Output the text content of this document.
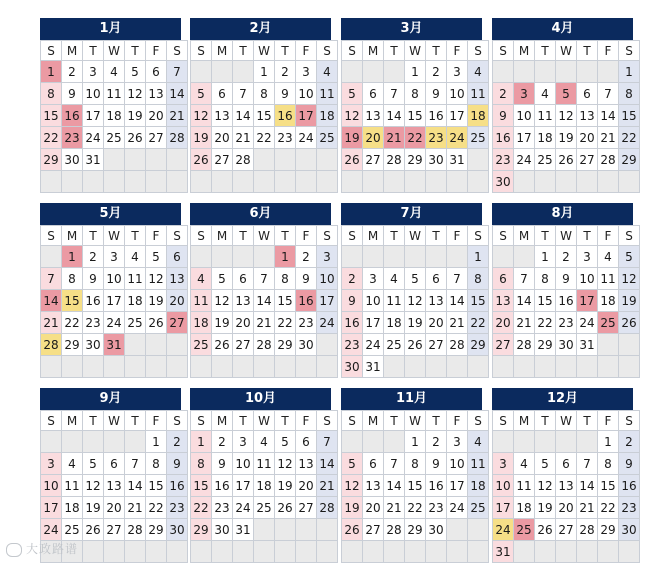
1月
S	M	T	W	T	F	S
1	2	3	4	5	6	7
8	9	10	11	12	13	14
15	16	17	18	19	20	21
22	23	24	25	26	27	28
29	30	31				

2月
S	M	T	W	T	F	S
			1	2	3	4
5	6	7	8	9	10	11
12	13	14	15	16	17	18
19	20	21	22	23	24	25
26	27	28				

3月
S	M	T	W	T	F	S
			1	2	3	4
5	6	7	8	9	10	11
12	13	14	15	16	17	18
19	20	21	22	23	24	25
26	27	28	29	30	31	

4月
S	M	T	W	T	F	S
						1
2	3	4	5	6	7	8
9	10	11	12	13	14	15
16	17	18	19	20	21	22
23	24	25	26	27	28	29
30						
5月
S	M	T	W	T	F	S
	1	2	3	4	5	6
7	8	9	10	11	12	13
14	15	16	17	18	19	20
21	22	23	24	25	26	27
28	29	30	31			

6月
S	M	T	W	T	F	S
				1	2	3
4	5	6	7	8	9	10
11	12	13	14	15	16	17
18	19	20	21	22	23	24
25	26	27	28	29	30	

7月
S	M	T	W	T	F	S
						1
2	3	4	5	6	7	8
9	10	11	12	13	14	15
16	17	18	19	20	21	22
23	24	25	26	27	28	29
30	31					
8月
S	M	T	W	T	F	S
		1	2	3	4	5
6	7	8	9	10	11	12
13	14	15	16	17	18	19
20	21	22	23	24	25	26
27	28	29	30	31		

9月
S	M	T	W	T	F	S
					1	2
3	4	5	6	7	8	9
10	11	12	13	14	15	16
17	18	19	20	21	22	23
24	25	26	27	28	29	30

10月
S	M	T	W	T	F	S
1	2	3	4	5	6	7
8	9	10	11	12	13	14
15	16	17	18	19	20	21
22	23	24	25	26	27	28
29	30	31				

11月
S	M	T	W	T	F	S
			1	2	3	4
5	6	7	8	9	10	11
12	13	14	15	16	17	18
19	20	21	22	23	24	25
26	27	28	29	30		

12月
S	M	T	W	T	F	S
					1	2
3	4	5	6	7	8	9
10	11	12	13	14	15	16
17	18	19	20	21	22	23
24	25	26	27	28	29	30
31						
大政路谱
